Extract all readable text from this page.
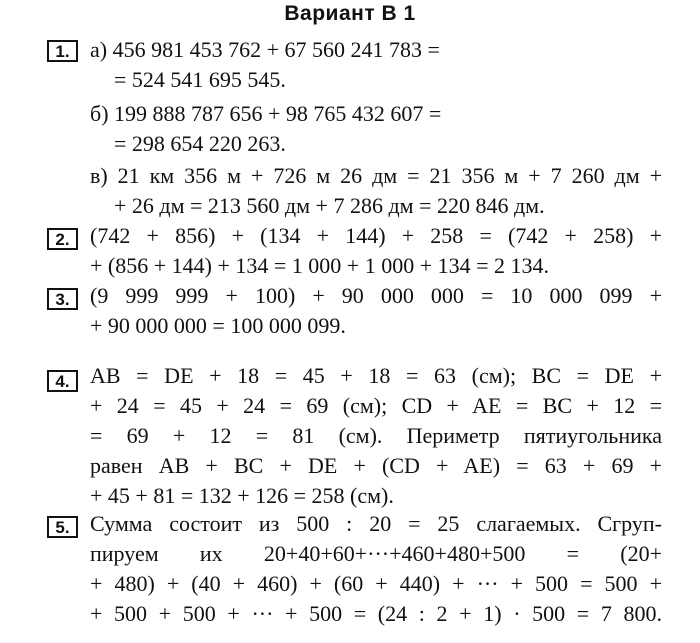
Вариант В 1
1. а) 456 981 453 762 + 67 560 241 783 =
= 524 541 695 545.
б) 199 888 787 656 + 98 765 432 607 =
= 298 654 220 263.
в) 21 км 356 м + 726 м 26 дм = 21 356 м + 7 260 дм +
+ 26 дм = 213 560 дм + 7 286 дм = 220 846 дм.
2. (742 + 856) + (134 + 144) + 258 = (742 + 258) +
+ (856 + 144) + 134 = 1 000 + 1 000 + 134 = 2 134.
3. (9 999 999 + 100) + 90 000 000 = 10 000 099 +
+ 90 000 000 = 100 000 099.
4. AB = DE + 18 = 45 + 18 = 63 (см); BC = DE +
+ 24 = 45 + 24 = 69 (см); CD + AE = BC + 12 =
= 69 + 12 = 81 (см). Периметр пятиугольника
равен AB + BC + DE + (CD + AE) = 63 + 69 +
+ 45 + 81 = 132 + 126 = 258 (см).
5. Сумма состоит из 500 : 20 = 25 слагаемых. Сгруп-
пируем их 20+40+60+···+460+480+500 = (20+
+ 480) + (40 + 460) + (60 + 440) + ··· + 500 = 500 +
+ 500 + 500 + ··· + 500 = (24 : 2 + 1) · 500 = 7 800.
